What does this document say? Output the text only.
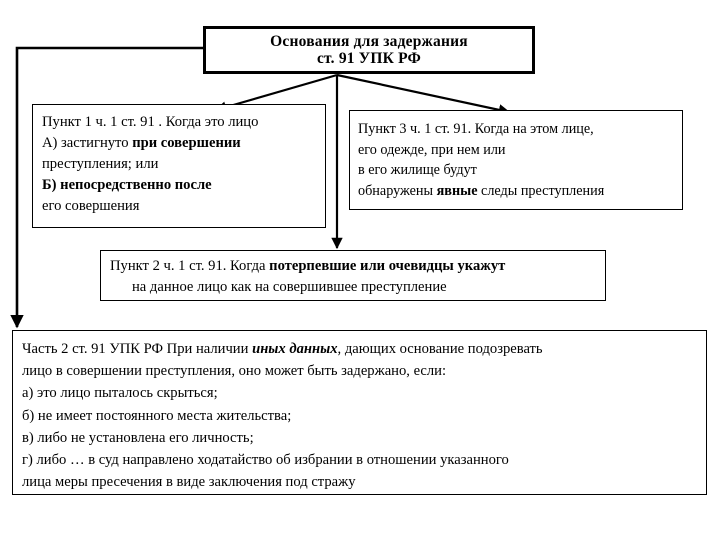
Основания для задержания
ст. 91 УПК РФ
Пункт 1 ч. 1 ст. 91 . Когда это лицо
А) застигнуто при совершении
преступления; или
Б) непосредственно после
его совершения
Пункт 3 ч. 1 ст. 91. Когда на этом лице,
его одежде, при нем или
в его жилище будут
обнаружены явные следы преступления
Пункт 2 ч. 1 ст. 91. Когда потерпевшие или очевидцы укажут
на данное лицо как на совершившее преступление
Часть 2 ст. 91 УПК РФ При наличии иных данных, дающих основание подозревать
лицо в совершении преступления, оно может быть задержано, если:
а) это лицо пыталось скрыться;
б) не имеет постоянного места жительства;
в) либо не установлена его личность;
г) либо … в суд направлено ходатайство об избрании в отношении указанного
лица меры пресечения в виде заключения под стражу
